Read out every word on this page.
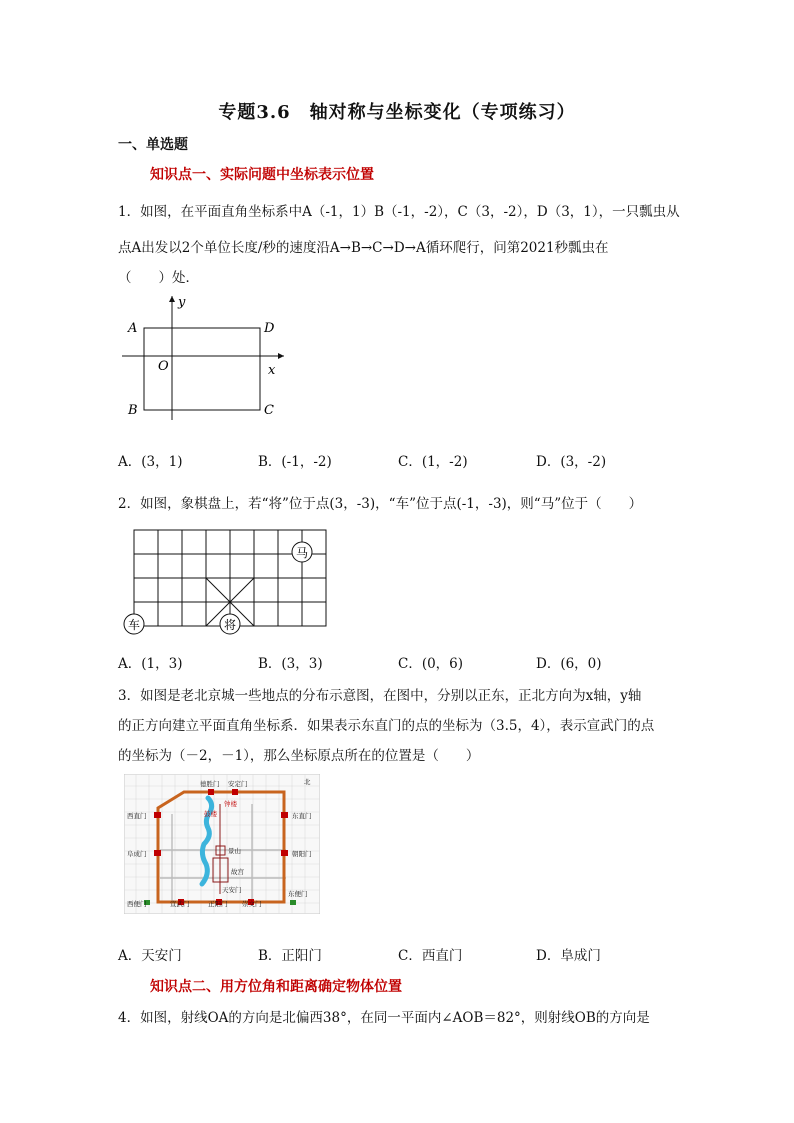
专题3.6　轴对称与坐标变化（专项练习）
一、单选题
知识点一、实际问题中坐标表示位置
1．如图，在平面直角坐标系中A（-1，1）B（-1，-2），C（3，-2），D（3，1），一只瓢虫从
点A出发以2个单位长度/秒的速度沿A→B→C→D→A循环爬行，问第2021秒瓢虫在
（　　）处．
A
B	C
D
O	x
y
A．(3，1)	B．(-1，-2)	C．(1，-2)	D．(3，-2)
2．如图，象棋盘上，若“将”位于点(3，-3)，“车”位于点(-1，-3)，则“马”位于（　　）
马
车	将
A．(1，3)	B．(3，3)	C．(0，6)	D．(6，0)
3．如图是老北京城一些地点的分布示意图，在图中，分别以正东，正北方向为x轴，y轴
的正方向建立平面直角坐标系．如果表示东直门的点的坐标为（3.5，4），表示宣武门的点
的坐标为（－2，－1），那么坐标原点所在的位置是（　　）
北
德胜门 安定门
钟楼
鼓楼
西直门	东直门
阜成门	朝阳门
景山
故宫
天安门
西便门	宣武门	正阳门 崇文门
东便门
A．天安门	B．正阳门	C．西直门	D．阜成门
知识点二、用方位角和距离确定物体位置
4．如图，射线OA的方向是北偏西38°，在同一平面内∠AOB＝82°，则射线OB的方向是
